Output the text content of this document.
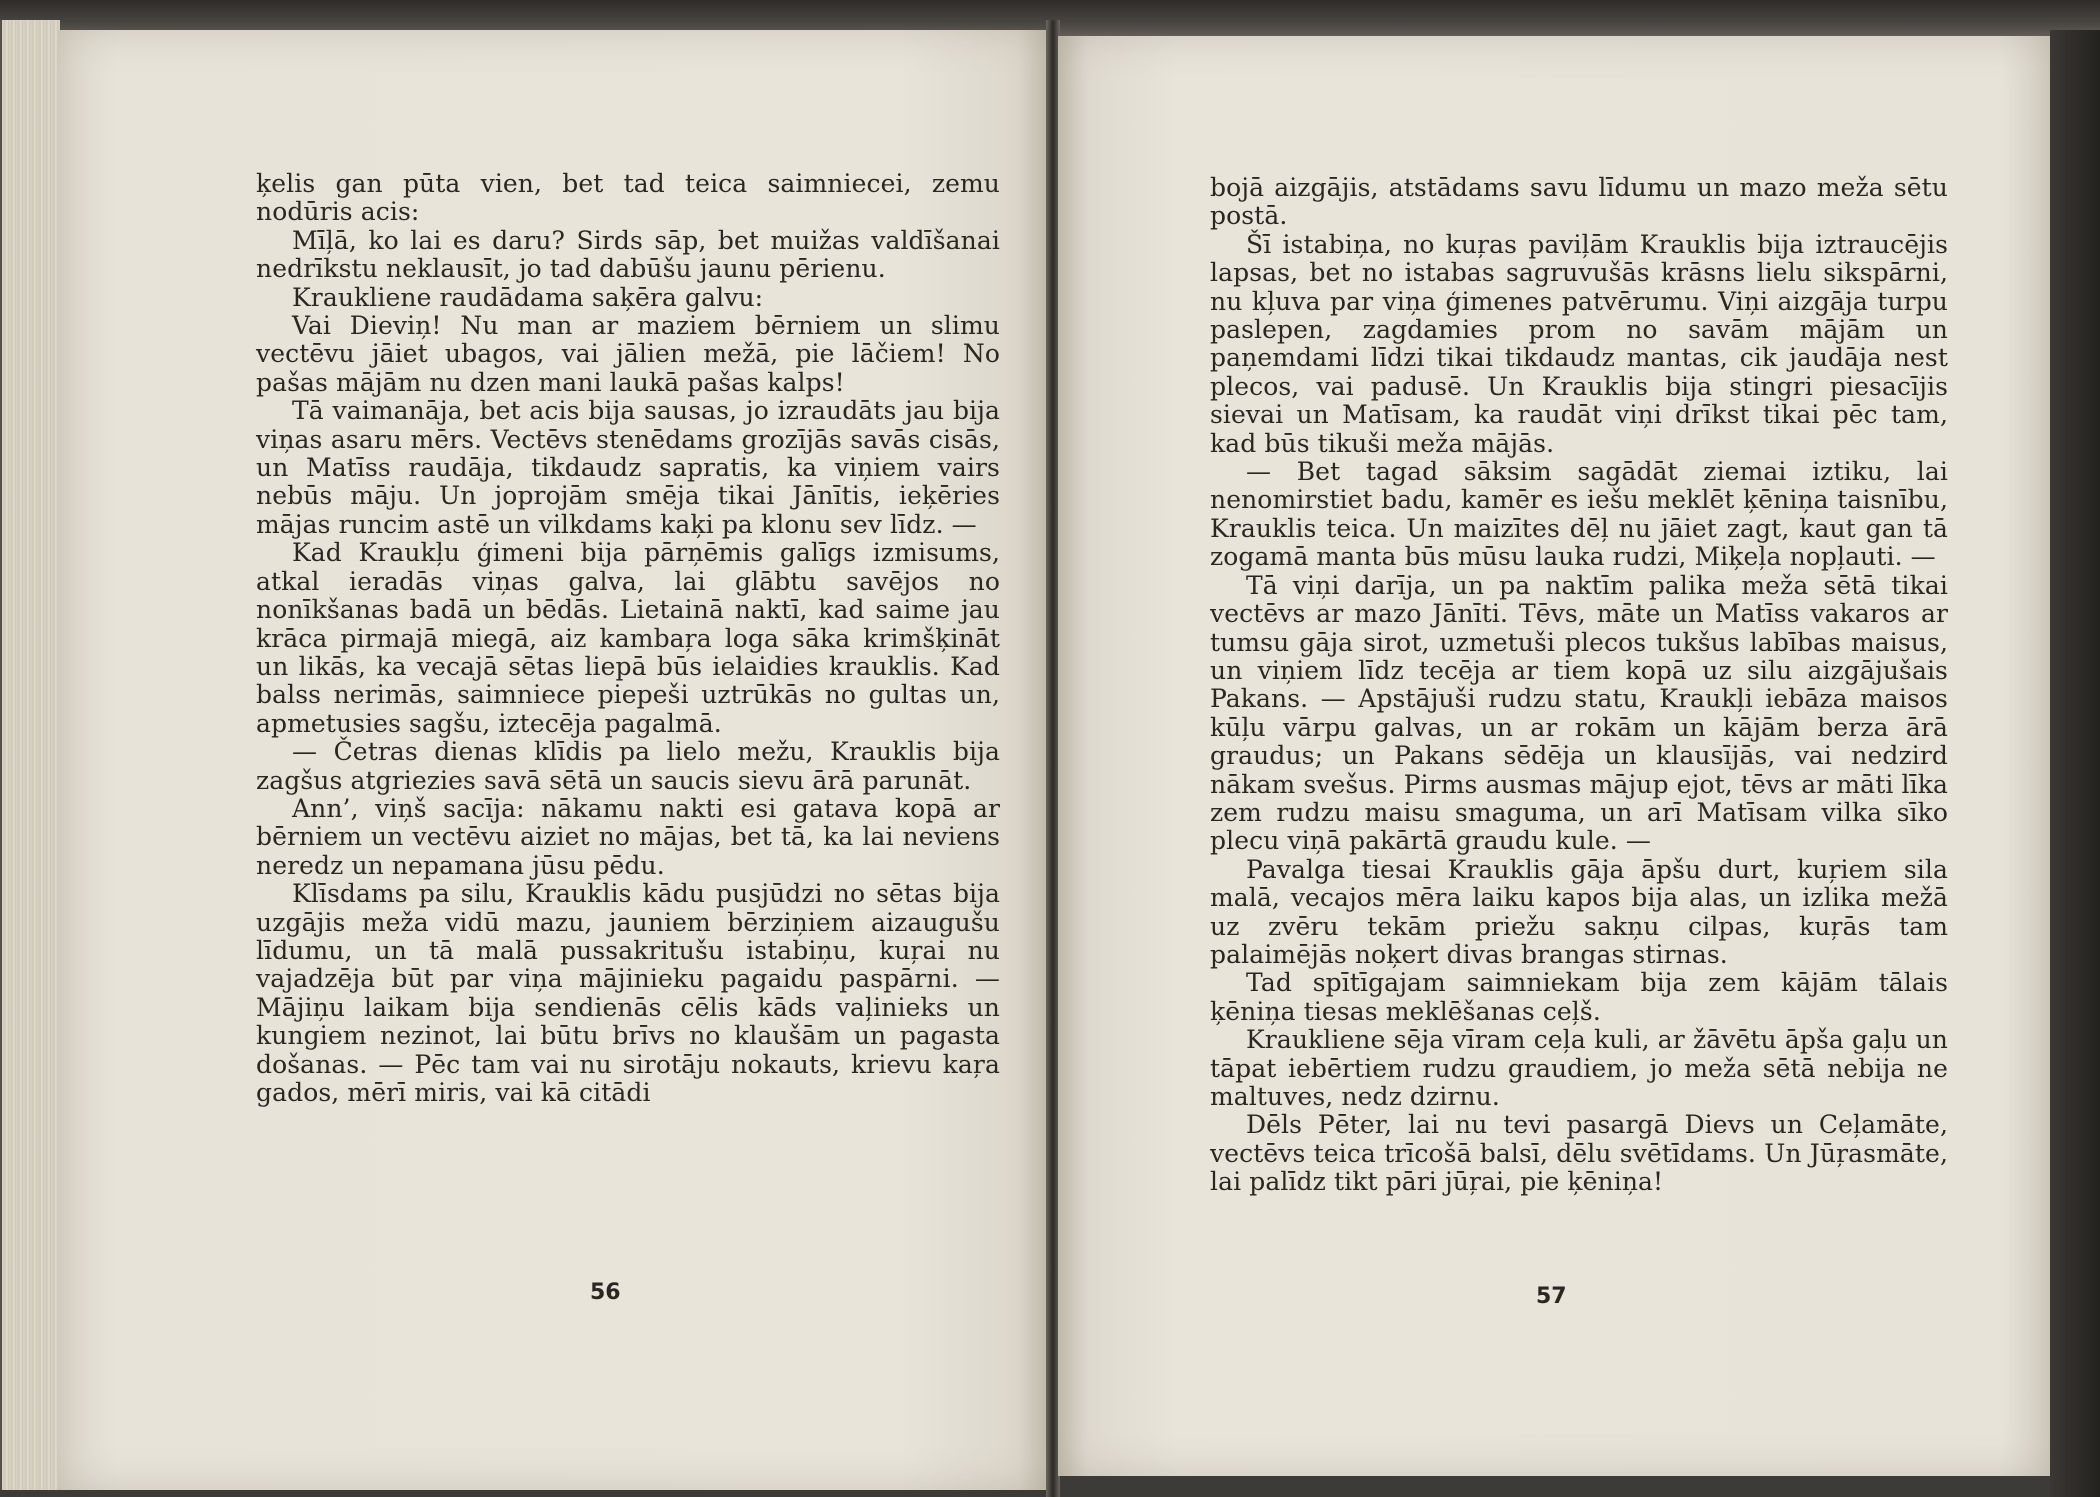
ķelis gan pūta vien, bet tad teica saimniecei, zemu nodūris acis:

Mīļā, ko lai es daru? Sirds sāp, bet muižas valdīšanai nedrīkstu neklausīt, jo tad dabūšu jaunu pērienu.

Kraukliene raudādama saķēra galvu:

Vai Dieviņ! Nu man ar maziem bērniem un slimu vectēvu jāiet ubagos, vai jālien mežā, pie lāčiem! No pašas mājām nu dzen mani laukā pašas kalps!

Tā vaimanāja, bet acis bija sausas, jo izraudāts jau bija viņas asaru mērs. Vectēvs stenēdams grozījās savās cisās, un Matīss raudāja, tikdaudz sapratis, ka viņiem vairs nebūs māju. Un joprojām smēja tikai Jānītis, ieķēries mājas runcim astē un vilkdams kaķi pa klonu sev līdz. —

Kad Kraukļu ģimeni bija pārņēmis galīgs izmisums, atkal ieradās viņas galva, lai glābtu savējos no nonīkšanas badā un bēdās. Lietainā naktī, kad saime jau krāca pirmajā miegā, aiz kambaŗa loga sāka krimšķināt un likās, ka vecajā sētas liepā būs ielaidies krauklis. Kad balss nerimās, saimniece piepeši uztrūkās no gultas un, apmetusies sagšu, iztecēja pagalmā.

— Četras dienas klīdis pa lielo mežu, Krauklis bija zagšus atgriezies savā sētā un saucis sievu ārā parunāt.

Ann’, viņš sacīja: nākamu nakti esi gatava kopā ar bērniem un vectēvu aiziet no mājas, bet tā, ka lai neviens neredz un nepamana jūsu pēdu.

Klīsdams pa silu, Krauklis kādu pusjūdzi no sētas bija uzgājis meža vidū mazu, jauniem bērziņiem aizaugušu līdumu, un tā malā pussakritušu istabiņu, kuŗai nu vajadzēja būt par viņa mājinieku pagaidu paspārni. — Mājiņu laikam bija sendienās cēlis kāds vaļinieks un kungiem nezinot, lai būtu brīvs no klaušām un pagasta došanas. — Pēc tam vai nu sirotāju nokauts, krievu kaŗa gados, mērī miris, vai kā citādi

56

bojā aizgājis, atstādams savu līdumu un mazo meža sētu postā.

Šī istabiņa, no kuŗas paviļām Krauklis bija iztraucējis lapsas, bet no istabas sagruvušās krāsns lielu sikspārni, nu kļuva par viņa ģimenes patvērumu. Viņi aizgāja turpu paslepen, zagdamies prom no savām mājām un paņemdami līdzi tikai tikdaudz mantas, cik jaudāja nest plecos, vai padusē. Un Krauklis bija stingri piesacījis sievai un Matīsam, ka raudāt viņi drīkst tikai pēc tam, kad būs tikuši meža mājās.

— Bet tagad sāksim sagādāt ziemai iztiku, lai nenomirstiet badu, kamēr es iešu meklēt ķēniņa taisnību, Krauklis teica. Un maizītes dēļ nu jāiet zagt, kaut gan tā zogamā manta būs mūsu lauka rudzi, Miķeļa nopļauti. —

Tā viņi darīja, un pa naktīm palika meža sētā tikai vectēvs ar mazo Jānīti. Tēvs, māte un Matīss vakaros ar tumsu gāja sirot, uzmetuši plecos tukšus labības maisus, un viņiem līdz tecēja ar tiem kopā uz silu aizgājušais Pakans. — Apstājuši rudzu statu, Kraukļi iebāza maisos kūļu vārpu galvas, un ar rokām un kājām berza ārā graudus; un Pakans sēdēja un klausījās, vai nedzird nākam svešus. Pirms ausmas mājup ejot, tēvs ar māti līka zem rudzu maisu smaguma, un arī Matīsam vilka sīko plecu viņā pakārtā graudu kule. —

Pavalga tiesai Krauklis gāja āpšu durt, kuŗiem sila malā, vecajos mēra laiku kapos bija alas, un izlika mežā uz zvēru tekām priežu sakņu cilpas, kuŗās tam palaimējās noķert divas brangas stirnas.

Tad spītīgajam saimniekam bija zem kājām tālais ķēniņa tiesas meklēšanas ceļš.

Kraukliene sēja vīram ceļa kuli, ar žāvētu āpša gaļu un tāpat iebērtiem rudzu graudiem, jo meža sētā nebija ne maltuves, nedz dzirnu.

Dēls Pēter, lai nu tevi pasargā Dievs un Ceļamāte, vectēvs teica trīcošā balsī, dēlu svētīdams. Un Jūŗasmāte, lai palīdz tikt pāri jūŗai, pie ķēniņa!

57
